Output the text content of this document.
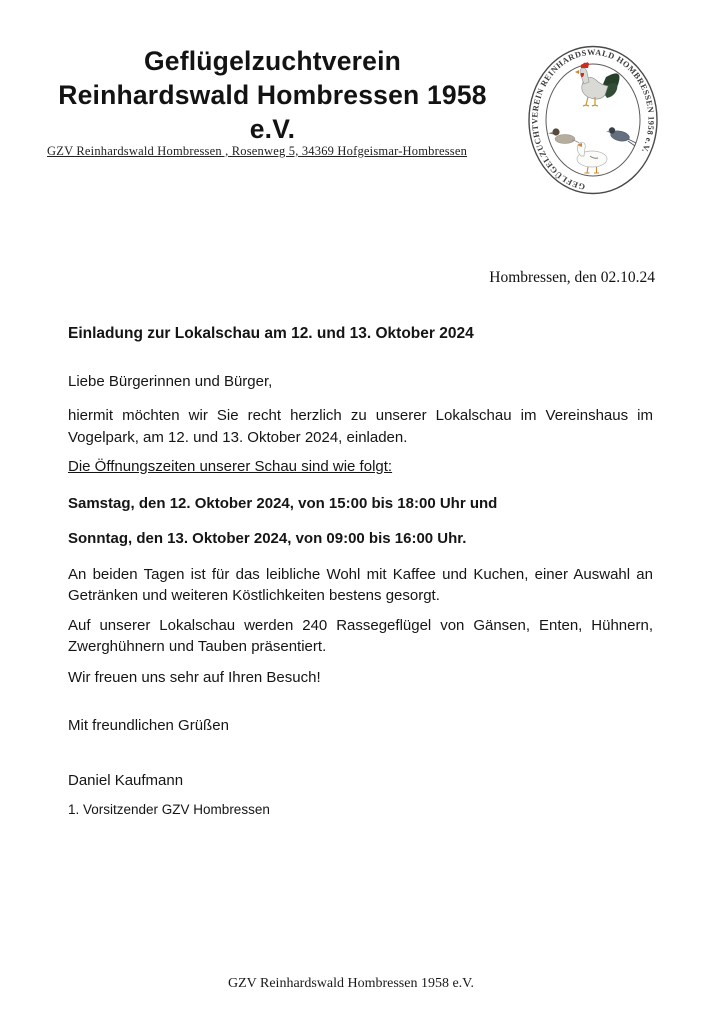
Geflügelzuchtverein
Reinhardswald Hombressen 1958 e.V.
GZV Reinhardswald Hombressen , Rosenweg 5, 34369 Hofgeismar-Hombressen
GEFLÜGELZUCHTVEREIN REINHARDSWALD HOMBRESSEN 1958 e.V.
Hombressen, den 02.10.24

Einladung zur Lokalschau am 12. und 13. Oktober 2024

Liebe Bürgerinnen und Bürger,

hiermit möchten wir Sie recht herzlich zu unserer Lokalschau im Vereinshaus im Vogelpark, am 12. und 13. Oktober 2024, einladen.

Die Öffnungszeiten unserer Schau sind wie folgt:

Samstag, den 12. Oktober 2024, von 15:00 bis 18:00 Uhr und

Sonntag, den 13. Oktober 2024, von 09:00 bis 16:00 Uhr.

An beiden Tagen ist für das leibliche Wohl mit Kaffee und Kuchen, einer Auswahl an Getränken und weiteren Köstlichkeiten bestens gesorgt.

Auf unserer Lokalschau werden 240 Rassegeflügel von Gänsen, Enten, Hühnern, Zwerghühnern und Tauben präsentiert.

Wir freuen uns sehr auf Ihren Besuch!

Mit freundlichen Grüßen

Daniel Kaufmann

1. Vorsitzender GZV Hombressen

GZV Reinhardswald Hombressen 1958 e.V.
